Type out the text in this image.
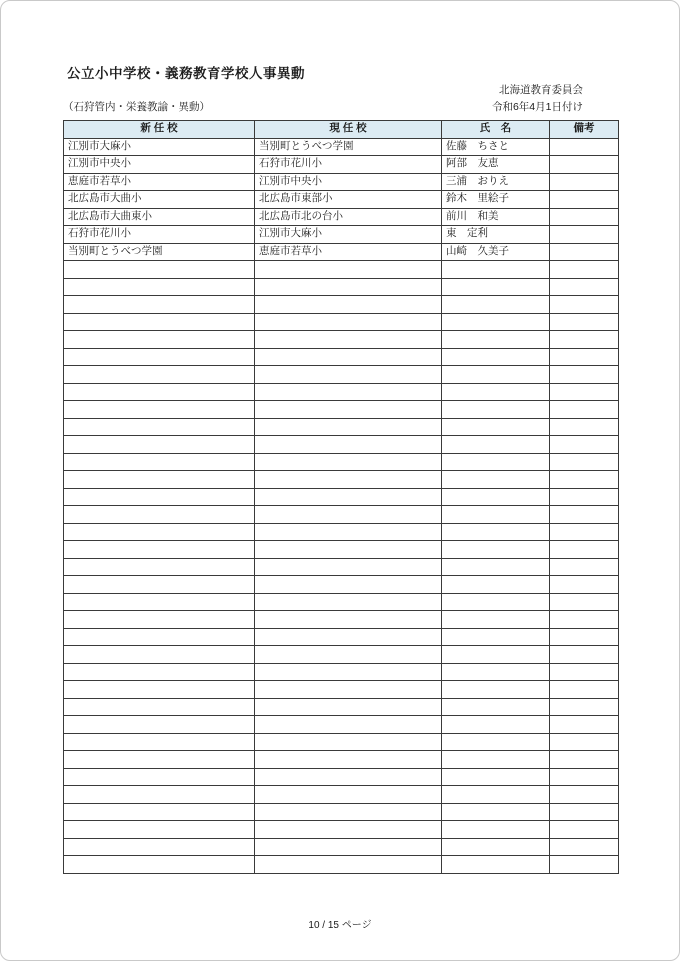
公立小中学校・義務教育学校人事異動
北海道教育委員会
（石狩管内・栄養教諭・異動）	令和6年4月1日付け
新 任 校	現 任 校	氏　名	備考
江別市大麻小	当別町とうべつ学園	佐藤　ちさと	
江別市中央小	石狩市花川小	阿部　友恵	
恵庭市若草小	江別市中央小	三浦　おりえ	
北広島市大曲小	北広島市東部小	鈴木　里絵子	
北広島市大曲東小	北広島市北の台小	前川　和美	
石狩市花川小	江別市大麻小	東　定利	
当別町とうべつ学園	恵庭市若草小	山崎　久美子	

10 / 15 ページ
